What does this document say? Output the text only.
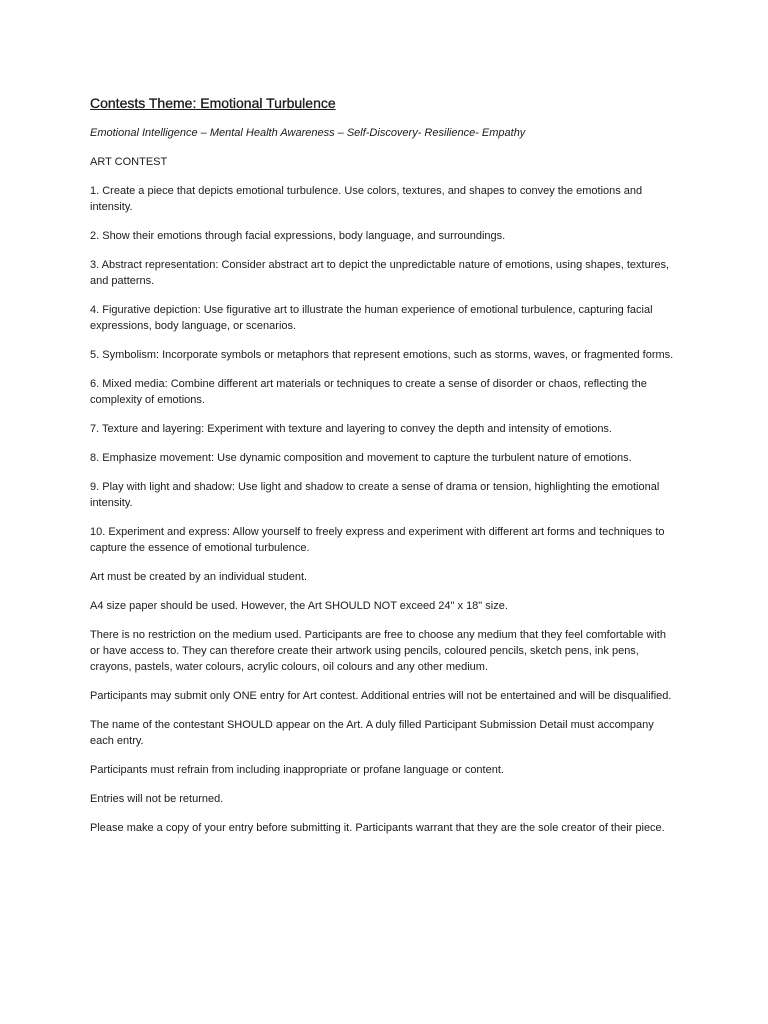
Contests Theme: Emotional Turbulence
Emotional Intelligence – Mental Health Awareness – Self-Discovery- Resilience- Empathy
ART CONTEST

1. Create a piece that depicts emotional turbulence. Use colors, textures, and shapes to convey the emotions and intensity.

2. Show their emotions through facial expressions, body language, and surroundings.

3. Abstract representation: Consider abstract art to depict the unpredictable nature of emotions, using shapes, textures, and patterns.

4. Figurative depiction: Use figurative art to illustrate the human experience of emotional turbulence, capturing facial expressions, body language, or scenarios.

5. Symbolism: Incorporate symbols or metaphors that represent emotions, such as storms, waves, or fragmented forms.

6. Mixed media: Combine different art materials or techniques to create a sense of disorder or chaos, reflecting the complexity of emotions.

7. Texture and layering: Experiment with texture and layering to convey the depth and intensity of emotions.

8. Emphasize movement: Use dynamic composition and movement to capture the turbulent nature of emotions.

9. Play with light and shadow: Use light and shadow to create a sense of drama or tension, highlighting the emotional intensity.

10. Experiment and express: Allow yourself to freely express and experiment with different art forms and techniques to capture the essence of emotional turbulence.

Art must be created by an individual student.

A4 size paper should be used. However, the Art SHOULD NOT exceed 24" x 18" size.

There is no restriction on the medium used. Participants are free to choose any medium that they feel comfortable with or have access to. They can therefore create their artwork using pencils, coloured pencils, sketch pens, ink pens, crayons, pastels, water colours, acrylic colours, oil colours and any other medium.

Participants may submit only ONE entry for Art contest. Additional entries will not be entertained and will be disqualified.

The name of the contestant SHOULD appear on the Art. A duly filled Participant Submission Detail must accompany each entry.

Participants must refrain from including inappropriate or profane language or content.

Entries will not be returned.

Please make a copy of your entry before submitting it. Participants warrant that they are the sole creator of their piece.
